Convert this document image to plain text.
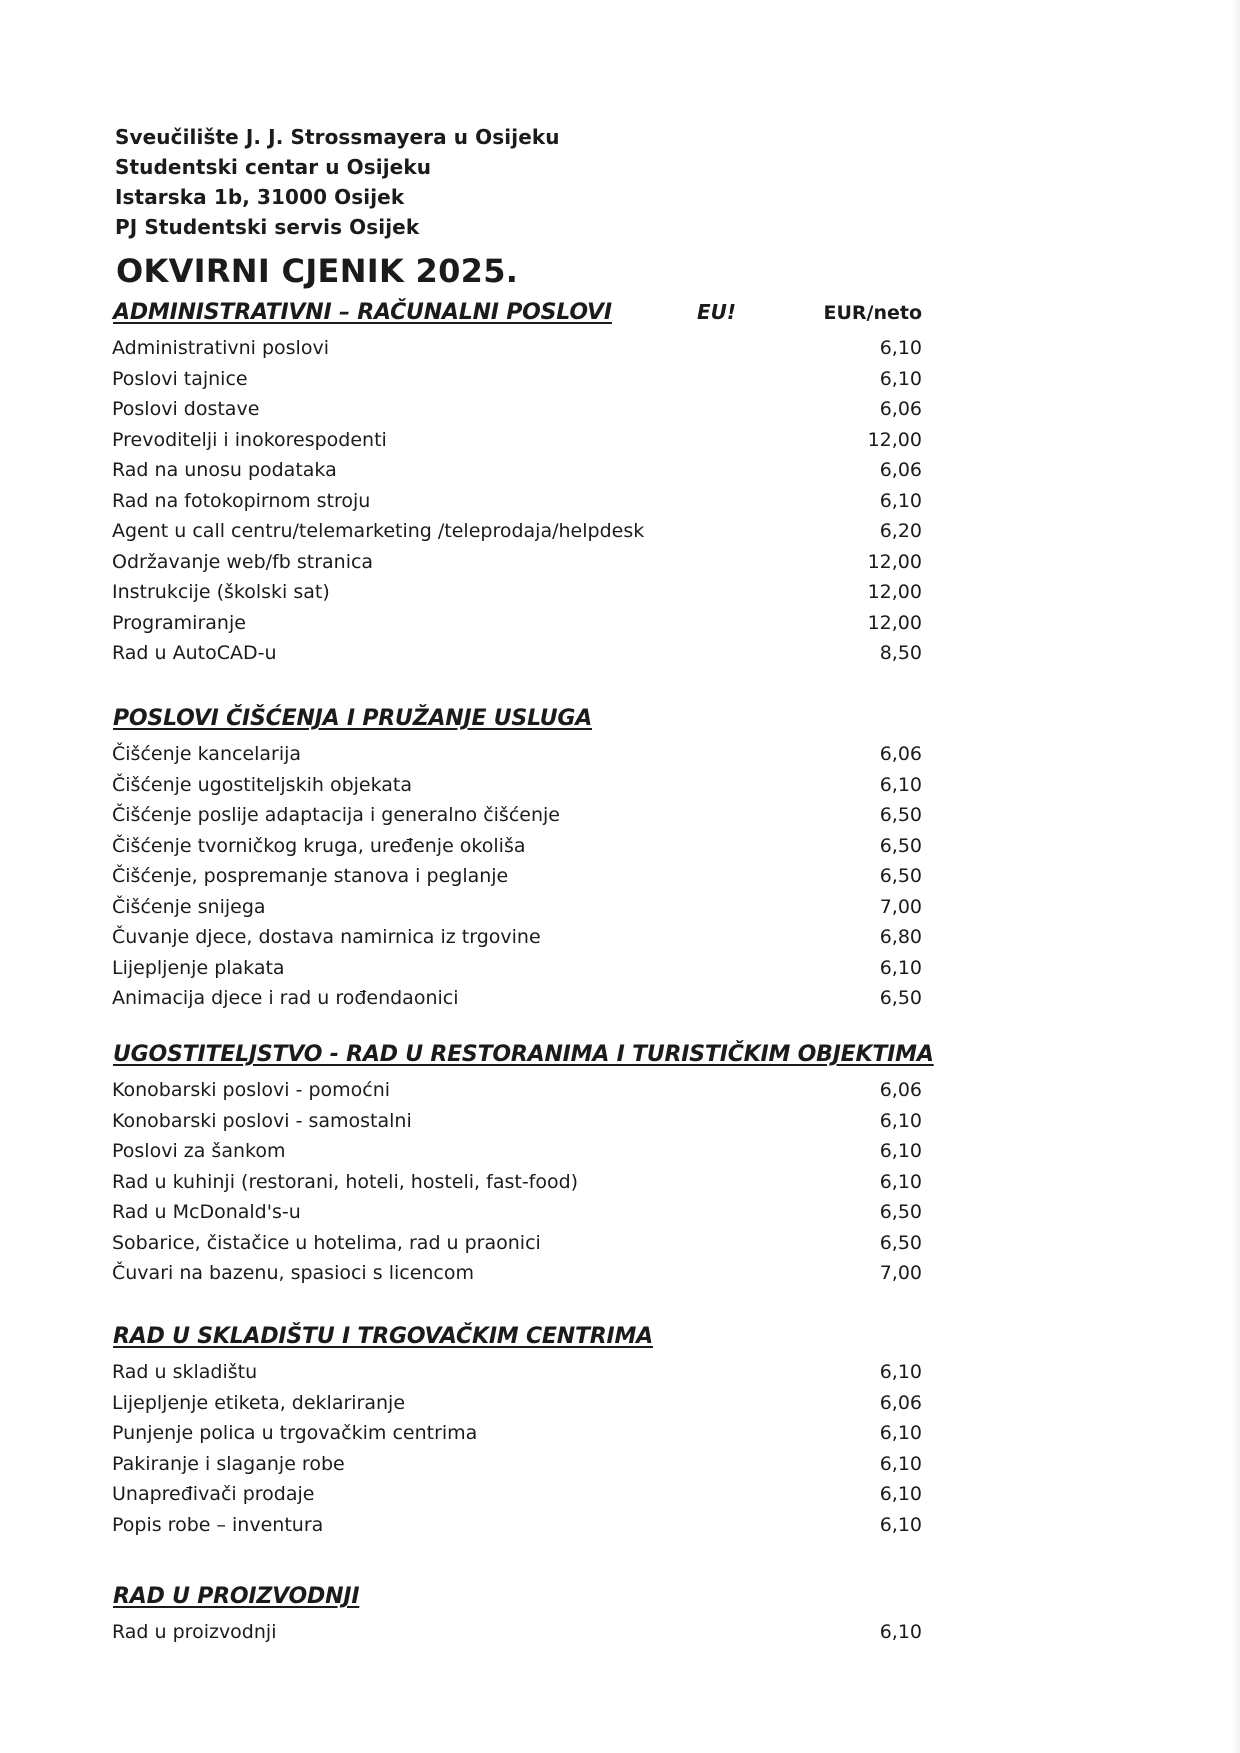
Sveučilište J. J. Strossmayera u Osijeku
Studentski centar u Osijeku
Istarska 1b, 31000 Osijek
PJ Studentski servis Osijek
OKVIRNI CJENIK 2025.
ADMINISTRATIVNI – RAČUNALNI POSLOVI	EU!	EUR/neto
Administrativni poslovi	6,10
Poslovi tajnice	6,10
Poslovi dostave	6,06
Prevoditelji i inokorespodenti	12,00
Rad na unosu podataka	6,06
Rad na fotokopirnom stroju	6,10
Agent u call centru/telemarketing /teleprodaja/helpdesk	6,20
Održavanje web/fb stranica	12,00
Instrukcije (školski sat)	12,00
Programiranje	12,00
Rad u AutoCAD-u	8,50
POSLOVI ČIŠĆENJA I PRUŽANJE USLUGA
Čišćenje kancelarija	6,06
Čišćenje ugostiteljskih objekata	6,10
Čišćenje poslije adaptacija i generalno čišćenje	6,50
Čišćenje tvorničkog kruga, uređenje okoliša	6,50
Čišćenje, pospremanje stanova i peglanje	6,50
Čišćenje snijega	7,00
Čuvanje djece, dostava namirnica iz trgovine	6,80
Lijepljenje plakata	6,10
Animacija djece i rad u rođendaonici	6,50
UGOSTITELJSTVO - RAD U RESTORANIMA I TURISTIČKIM OBJEKTIMA
Konobarski poslovi - pomoćni	6,06
Konobarski poslovi - samostalni	6,10
Poslovi za šankom	6,10
Rad u kuhinji (restorani, hoteli, hosteli, fast-food)	6,10
Rad u McDonald's-u	6,50
Sobarice, čistačice u hotelima, rad u praonici	6,50
Čuvari na bazenu, spasioci s licencom	7,00
RAD U SKLADIŠTU I TRGOVAČKIM CENTRIMA
Rad u skladištu	6,10
Lijepljenje etiketa, deklariranje	6,06
Punjenje polica u trgovačkim centrima	6,10
Pakiranje i slaganje robe	6,10
Unapređivači prodaje	6,10
Popis robe – inventura	6,10
RAD U PROIZVODNJI
Rad u proizvodnji	6,10
